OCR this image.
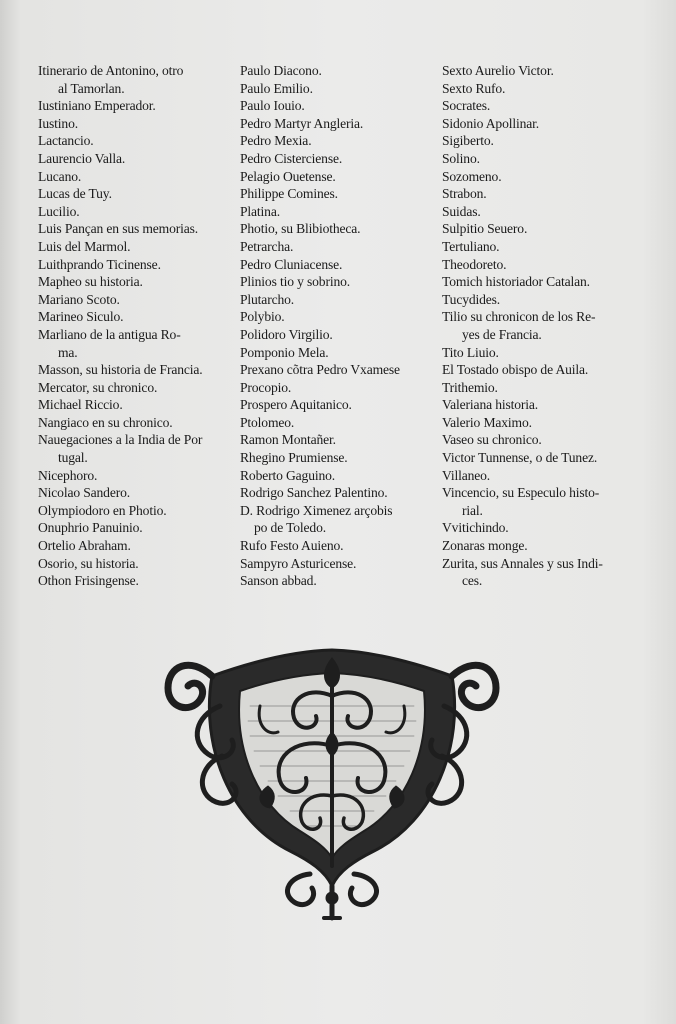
Itinerario de Antonino, otro
al Tamorlan.
Iustiniano Emperador.
Iustino.
Lactancio.
Laurencio Valla.
Lucano.
Lucas de Tuy.
Lucilio.
Luis Pançan en sus memorias.
Luis del Marmol.
Luithprando Ticinense.
Mapheo su historia.
Mariano Scoto.
Marineo Siculo.
Marliano de la antigua Ro-
ma.
Masson, su historia de Francia.
Mercator, su chronico.
Michael Riccio.
Nangiaco en su chronico.
Nauegaciones a la India de Por
tugal.
Nicephoro.
Nicolao Sandero.
Olympiodoro en Photio.
Onuphrio Panuinio.
Ortelio Abraham.
Osorio, su historia.
Othon Frisingense.
Paulo Diacono.
Paulo Emilio.
Paulo Iouio.
Pedro Martyr Angleria.
Pedro Mexia.
Pedro Cisterciense.
Pelagio Ouetense.
Philippe Comines.
Platina.
Photio, su Blibiotheca.
Petrarcha.
Pedro Cluniacense.
Plinios tio y sobrino.
Plutarcho.
Polybio.
Polidoro Virgilio.
Pomponio Mela.
Prexano cõtra Pedro Vxamese
Procopio.
Prospero Aquitanico.
Ptolomeo.
Ramon Montañer.
Rhegino Prumiense.
Roberto Gaguino.
Rodrigo Sanchez Palentino.
D. Rodrigo Ximenez arçobis
po de Toledo.
Rufo Festo Auieno.
Sampyro Asturicense.
Sanson abbad.
Sexto Aurelio Victor.
Sexto Rufo.
Socrates.
Sidonio Apollinar.
Sigiberto.
Solino.
Sozomeno.
Strabon.
Suidas.
Sulpitio Seuero.
Tertuliano.
Theodoreto.
Tomich historiador Catalan.
Tucydides.
Tilio su chronicon de los Re-
yes de Francia.
Tito Liuio.
El Tostado obispo de Auila.
Trithemio.
Valeriana historia.
Valerio Maximo.
Vaseo su chronico.
Victor Tunnense, o de Tunez.
Villaneo.
Vincencio, su Especulo histo-
rial.
Vvitichindo.
Zonaras monge.
Zurita, sus Annales y sus Indi-
ces.
